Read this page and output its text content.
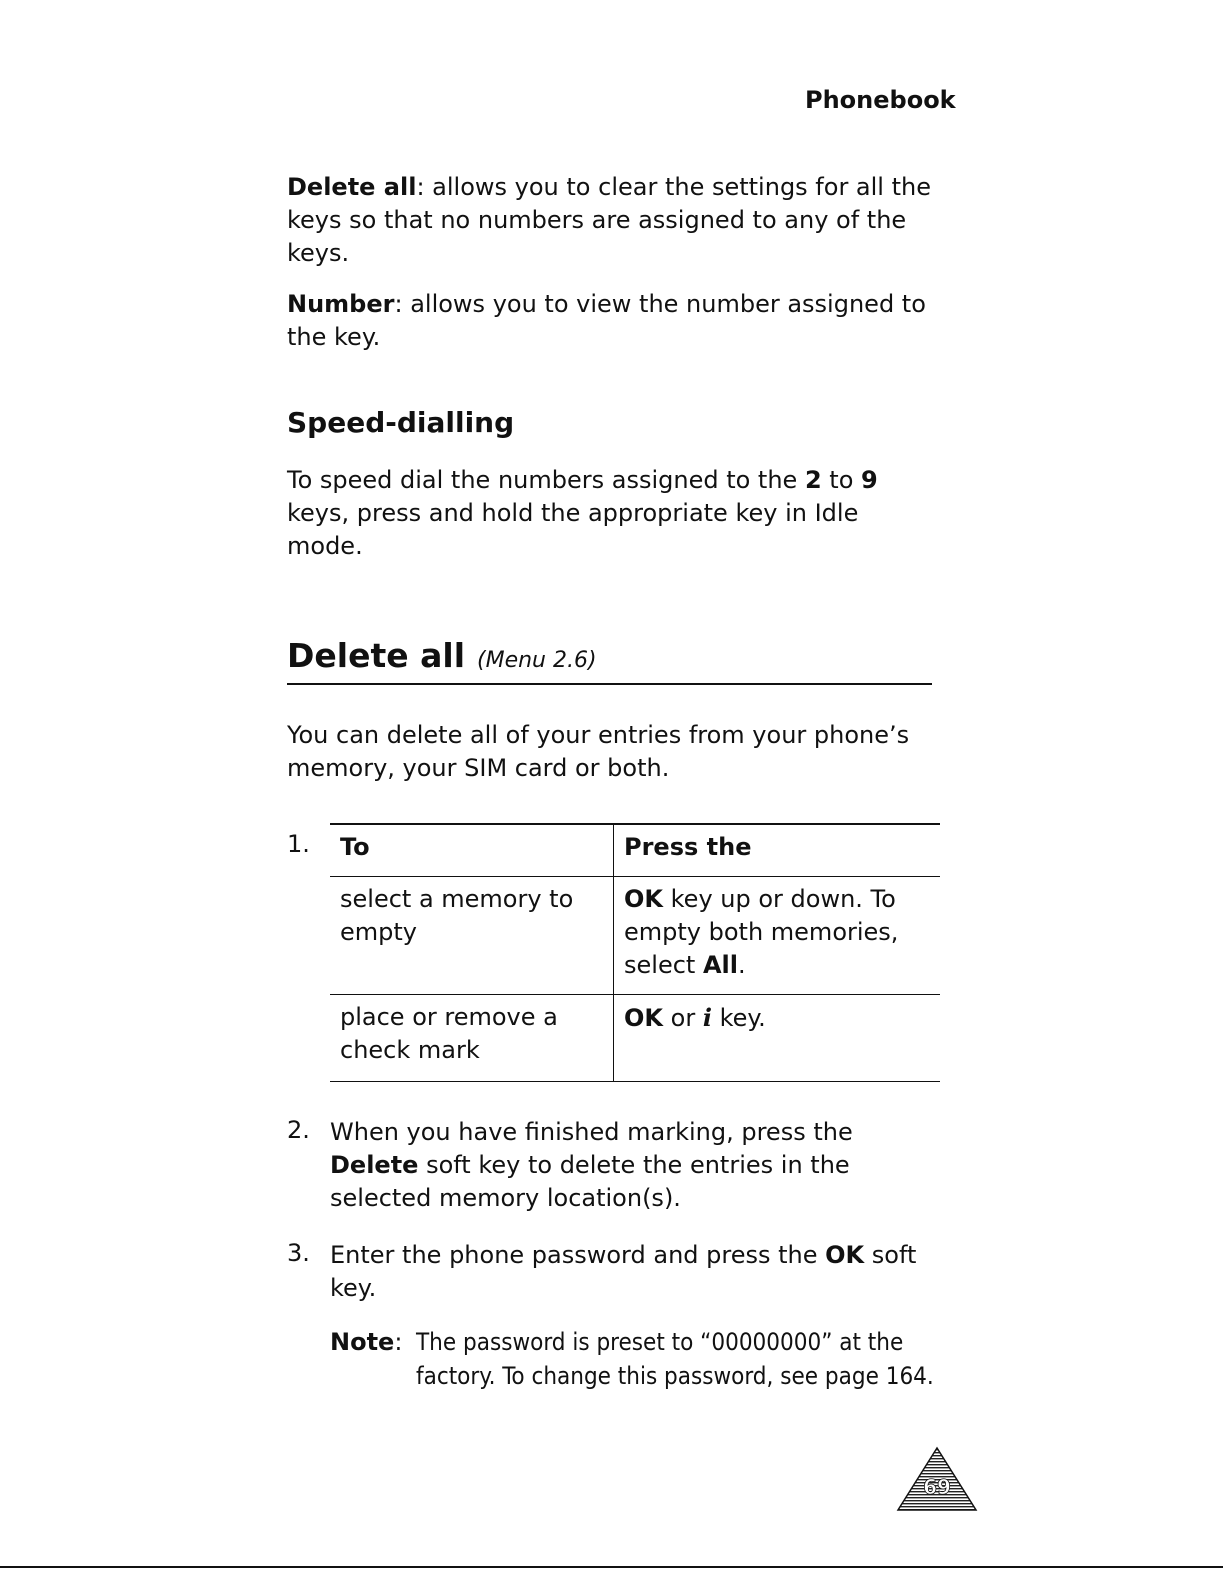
Phonebook
Delete all: allows you to clear the settings for all the keys so that no numbers are assigned to any of the keys.
Number: allows you to view the number assigned to the key.
Speed-dialling
To speed dial the numbers assigned to the 2 to 9 keys, press and hold the appropriate key in Idle mode.
Delete all (Menu 2.6)
You can delete all of your entries from your phone’s memory, your SIM card or both.
1. To	Press the
select a memory to empty	OK key up or down. To empty both memories, select All.
place or remove a check mark	OK or i key.
2. When you have finished marking, press the Delete soft key to delete the entries in the selected memory location(s).
3. Enter the phone password and press the OK soft key.
Note: The password is preset to “00000000” at the factory. To change this password, see page 164.
69
